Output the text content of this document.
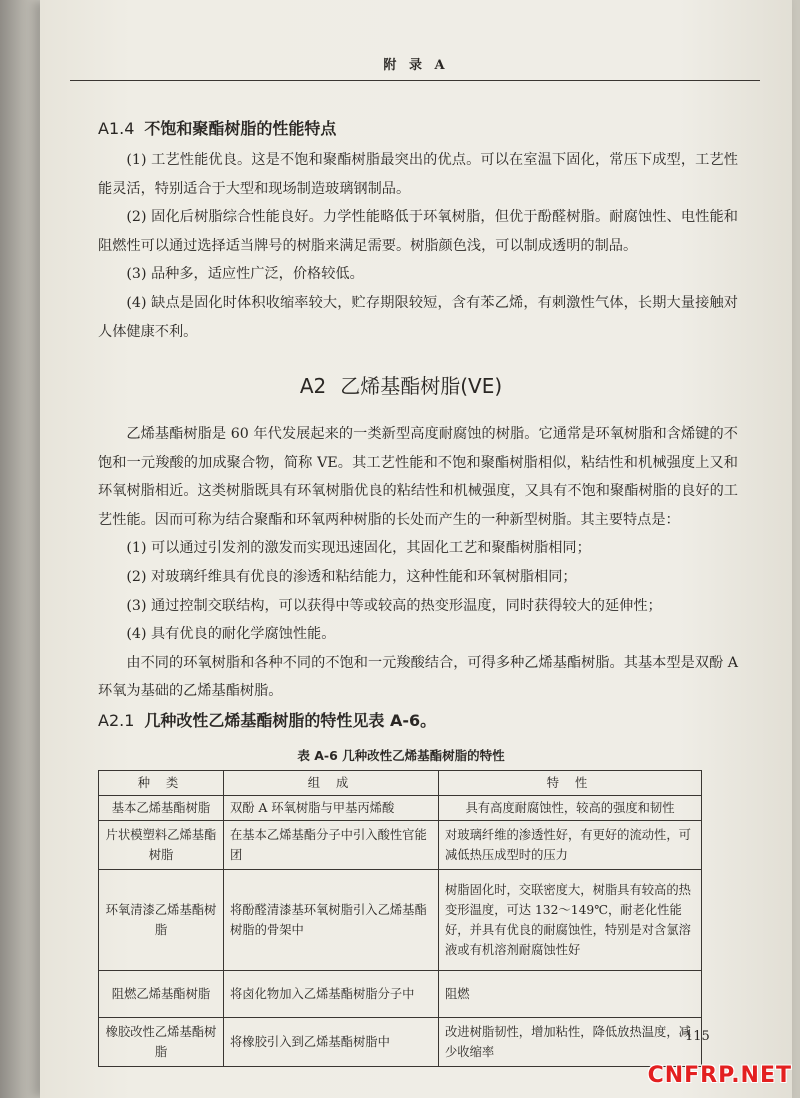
附 录 A
A1.4 不饱和聚酯树脂的性能特点

(1) 工艺性能优良。这是不饱和聚酯树脂最突出的优点。可以在室温下固化，常压下成型，工艺性能灵活，特别适合于大型和现场制造玻璃钢制品。

(2) 固化后树脂综合性能良好。力学性能略低于环氧树脂，但优于酚醛树脂。耐腐蚀性、电性能和阻燃性可以通过选择适当牌号的树脂来满足需要。树脂颜色浅，可以制成透明的制品。

(3) 品种多，适应性广泛，价格较低。

(4) 缺点是固化时体积收缩率较大，贮存期限较短，含有苯乙烯，有刺激性气体，长期大量接触对人体健康不利。

A2 乙烯基酯树脂(VE)

乙烯基酯树脂是 60 年代发展起来的一类新型高度耐腐蚀的树脂。它通常是环氧树脂和含烯键的不饱和一元羧酸的加成聚合物，简称 VE。其工艺性能和不饱和聚酯树脂相似，粘结性和机械强度上又和环氧树脂相近。这类树脂既具有环氧树脂优良的粘结性和机械强度，又具有不饱和聚酯树脂的良好的工艺性能。因而可称为结合聚酯和环氧两种树脂的长处而产生的一种新型树脂。其主要特点是：

(1) 可以通过引发剂的激发而实现迅速固化，其固化工艺和聚酯树脂相同；

(2) 对玻璃纤维具有优良的渗透和粘结能力，这种性能和环氧树脂相同；

(3) 通过控制交联结构，可以获得中等或较高的热变形温度，同时获得较大的延伸性；

(4) 具有优良的耐化学腐蚀性能。

由不同的环氧树脂和各种不同的不饱和一元羧酸结合，可得多种乙烯基酯树脂。其基本型是双酚 A 环氧为基础的乙烯基酯树脂。

A2.1 几种改性乙烯基酯树脂的特性见表 A-6。
表 A-6 几种改性乙烯基酯树脂的特性
种 类	组 成	特 性
基本乙烯基酯树脂	双酚 A 环氧树脂与甲基丙烯酸	具有高度耐腐蚀性，较高的强度和韧性
片状模塑料乙烯基酯树脂	在基本乙烯基酯分子中引入酸性官能团	对玻璃纤维的渗透性好，有更好的流动性，可减低热压成型时的压力
环氧清漆乙烯基酯树脂	将酚醛清漆基环氧树脂引入乙烯基酯树脂的骨架中	树脂固化时，交联密度大，树脂具有较高的热变形温度，可达 132～149℃，耐老化性能好，并具有优良的耐腐蚀性，特别是对含氯溶液或有机溶剂耐腐蚀性好
阻燃乙烯基酯树脂	将卤化物加入乙烯基酯树脂分子中	阻燃
橡胶改性乙烯基酯树脂	将橡胶引入到乙烯基酯树脂中	改进树脂韧性，增加粘性，降低放热温度，减少收缩率
115
CNFRP.NET
